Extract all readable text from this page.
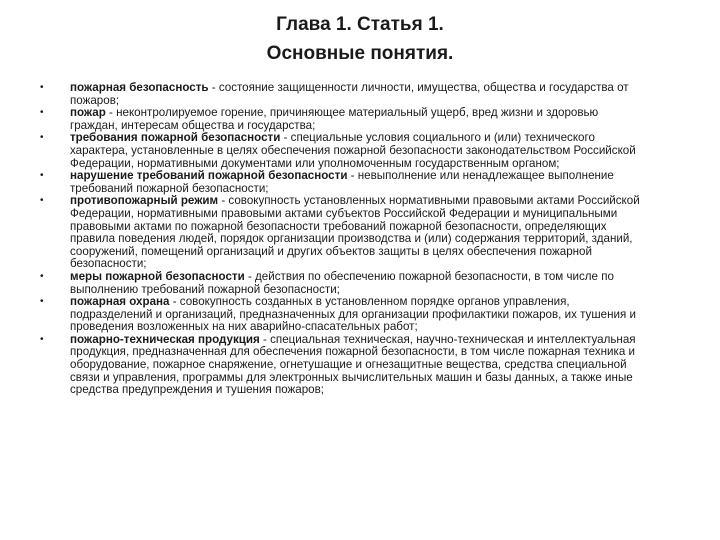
Глава 1. Статья 1.
Основные понятия.
• пожарная безопасность - состояние защищенности личности, имущества, общества и государства от пожаров;
• пожар - неконтролируемое горение, причиняющее материальный ущерб, вред жизни и здоровью граждан, интересам общества и государства;
• требования пожарной безопасности - специальные условия социального и (или) технического характера, установленные в целях обеспечения пожарной безопасности законодательством Российской Федерации, нормативными документами или уполномоченным государственным органом;
• нарушение требований пожарной безопасности - невыполнение или ненадлежащее выполнение требований пожарной безопасности;
• противопожарный режим - совокупность установленных нормативными правовыми актами Российской Федерации, нормативными правовыми актами субъектов Российской Федерации и муниципальными правовыми актами по пожарной безопасности требований пожарной безопасности, определяющих правила поведения людей, порядок организации производства и (или) содержания территорий, зданий, сооружений, помещений организаций и других объектов защиты в целях обеспечения пожарной безопасности;
• меры пожарной безопасности - действия по обеспечению пожарной безопасности, в том числе по выполнению требований пожарной безопасности;
• пожарная охрана - совокупность созданных в установленном порядке органов управления, подразделений и организаций, предназначенных для организации профилактики пожаров, их тушения и проведения возложенных на них аварийно-спасательных работ;
• пожарно-техническая продукция - специальная техническая, научно-техническая и интеллектуальная продукция, предназначенная для обеспечения пожарной безопасности, в том числе пожарная техника и оборудование, пожарное снаряжение, огнетушащие и огнезащитные вещества, средства специальной связи и управления, программы для электронных вычислительных машин и базы данных, а также иные средства предупреждения и тушения пожаров;
